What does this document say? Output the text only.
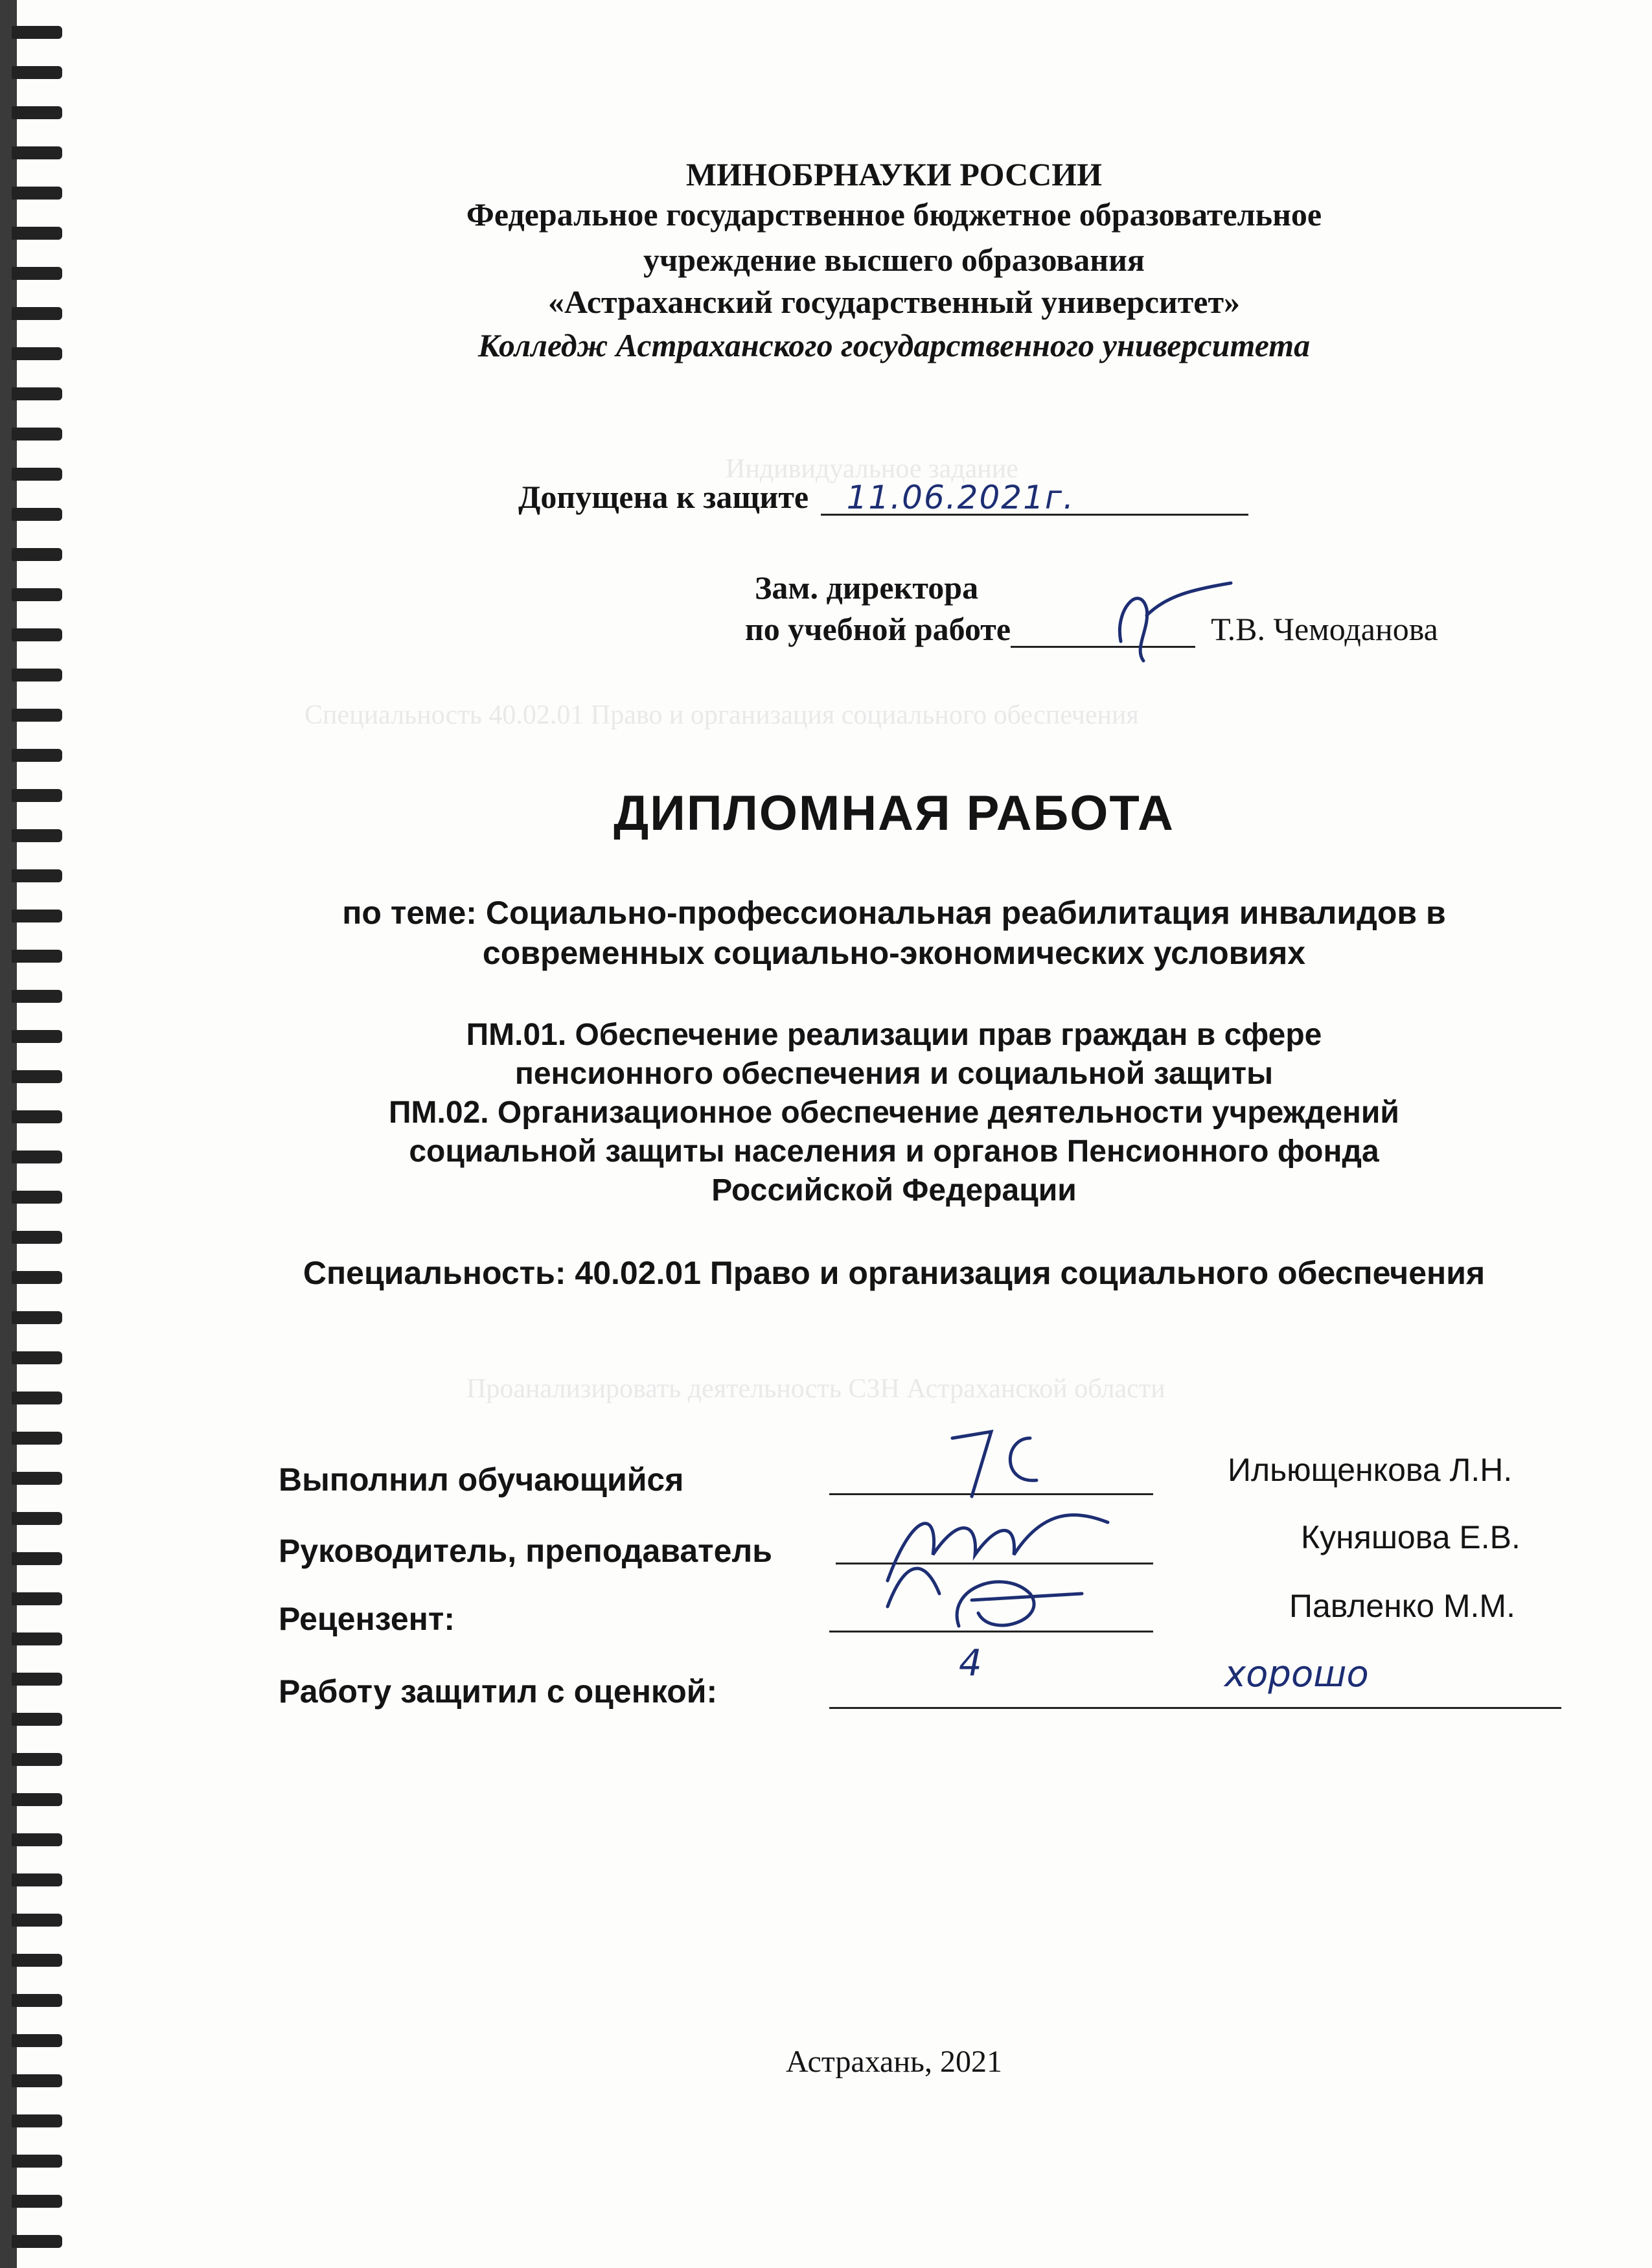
Индивидуальное задание
Специальность 40.02.01 Право и организация социального обеспечения
Проанализировать деятельность СЗН Астраханской области
МИНОБРНАУКИ РОССИИ
Федеральное государственное бюджетное образовательное
учреждение высшего образования
«Астраханский государственный университет»
Колледж Астраханского государственного университета
Допущена к защите 11.06.2021г.
Зам. директора
по учебной работе	Т.В. Чемоданова
ДИПЛОМНАЯ РАБОТА
по теме: Социально-профессиональная реабилитация инвалидов в
современных социально-экономических условиях
ПМ.01. Обеспечение реализации прав граждан в сфере
пенсионного обеспечения и социальной защиты
ПМ.02. Организационное обеспечение деятельности учреждений
социальной защиты населения и органов Пенсионного фонда
Российской Федерации
Специальность: 40.02.01 Право и организация социального обеспечения
Выполнил обучающийся	Ильющенкова Л.Н.
Руководитель, преподаватель	Куняшова Е.В.
Рецензент:	Павленко М.М.
Работу защитил с оценкой:
4	хорошо
Астрахань, 2021
